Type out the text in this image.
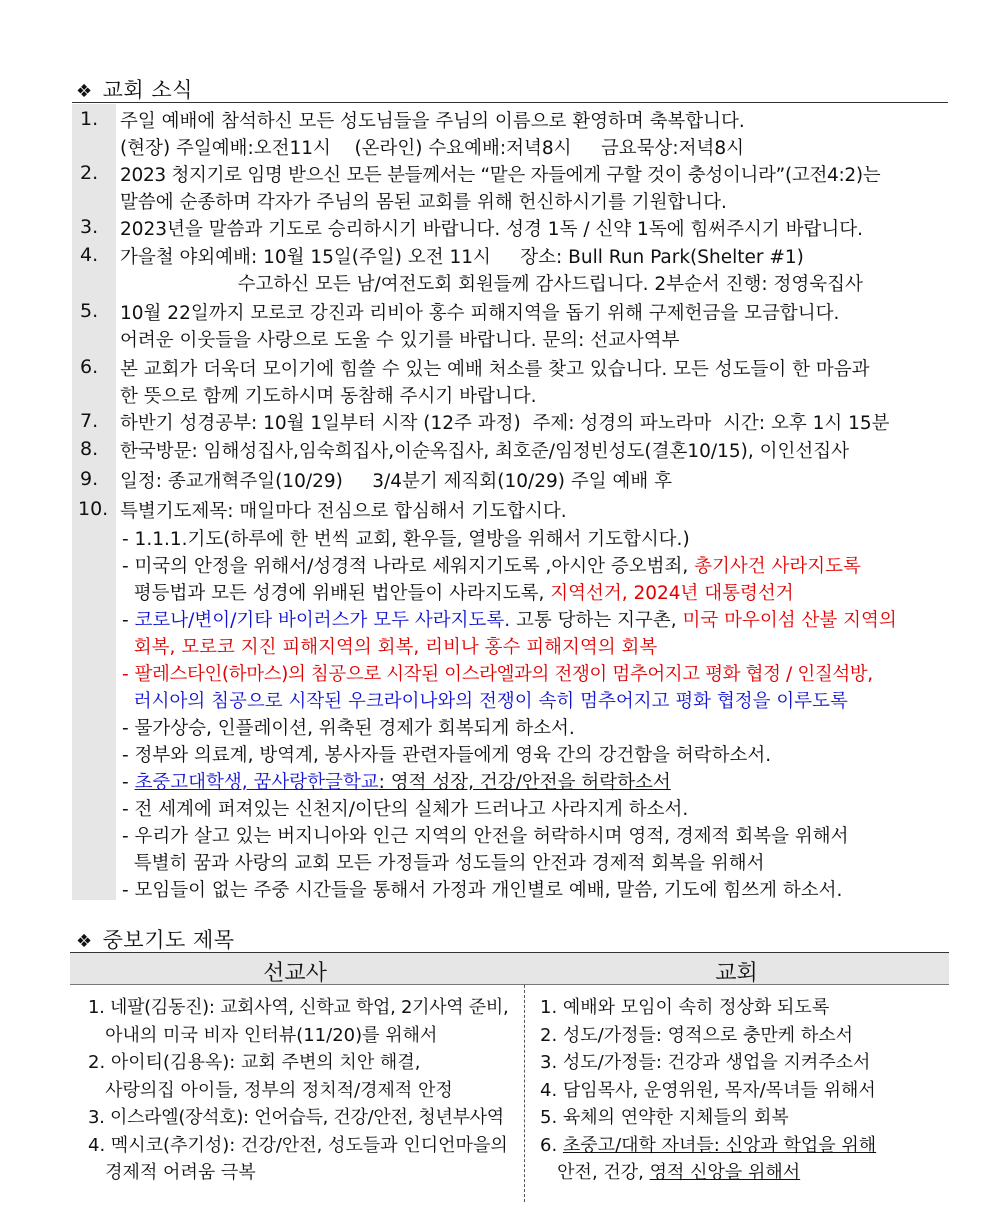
❖ 교회 소식
1.	주일 예배에 참석하신 모든 성도님들을 주님의 이름으로 환영하며 축복합니다.
(현장) 주일예배:오전11시    (온라인) 수요예배:저녁8시     금요묵상:저녁8시
2.	2023 청지기로 임명 받으신 모든 분들께서는 “맡은 자들에게 구할 것이 충성이니라”(고전4:2)는
말씀에 순종하며 각자가 주님의 몸된 교회를 위해 헌신하시기를 기원합니다.
3.	2023년을 말씀과 기도로 승리하시기 바랍니다. 성경 1독 / 신약 1독에 힘써주시기 바랍니다.
4.	가을철 야외예배: 10월 15일(주일) 오전 11시     장소: Bull Run Park(Shelter #1)
수고하신 모든 남/여전도회 회원들께 감사드립니다. 2부순서 진행: 정영욱집사
5.	10월 22일까지 모로코 강진과 리비아 홍수 피해지역을 돕기 위해 구제헌금을 모금합니다.
어려운 이웃들을 사랑으로 도울 수 있기를 바랍니다. 문의: 선교사역부
6.	본 교회가 더욱더 모이기에 힘쓸 수 있는 예배 처소를 찾고 있습니다. 모든 성도들이 한 마음과
한 뜻으로 함께 기도하시며 동참해 주시기 바랍니다.
7.	하반기 성경공부: 10월 1일부터 시작 (12주 과정)  주제: 성경의 파노라마  시간: 오후 1시 15분
8.	한국방문: 임해성집사,임숙희집사,이순옥집사, 최호준/임정빈성도(결혼10/15), 이인선집사
9.	일정: 종교개혁주일(10/29)     3/4분기 제직회(10/29) 주일 예배 후
10. 특별기도제목: 매일마다 전심으로 합심해서 기도합시다.
- 1.1.1.기도(하루에 한 번씩 교회, 환우들, 열방을 위해서 기도합시다.)
- 미국의 안정을 위해서/성경적 나라로 세워지기도록 ,아시안 증오범죄, 총기사건 사라지도록
평등법과 모든 성경에 위배된 법안들이 사라지도록, 지역선거, 2024년 대통령선거
- 코로나/변이/기타 바이러스가 모두 사라지도록. 고통 당하는 지구촌, 미국 마우이섬 산불 지역의
회복, 모로코 지진 피해지역의 회복, 리비나 홍수 피해지역의 회복
- 팔레스타인(하마스)의 침공으로 시작된 이스라엘과의 전쟁이 멈추어지고 평화 협정 / 인질석방,
러시아의 침공으로 시작된 우크라이나와의 전쟁이 속히 멈추어지고 평화 협정을 이루도록
- 물가상승, 인플레이션, 위축된 경제가 회복되게 하소서.
- 정부와 의료계, 방역계, 봉사자들 관련자들에게 영육 간의 강건함을 허락하소서.
- 초중고대학생, 꿈사랑한글학교: 영적 성장, 건강/안전을 허락하소서
- 전 세계에 퍼져있는 신천지/이단의 실체가 드러나고 사라지게 하소서.
- 우리가 살고 있는 버지니아와 인근 지역의 안전을 허락하시며 영적, 경제적 회복을 위해서
특별히 꿈과 사랑의 교회 모든 가정들과 성도들의 안전과 경제적 회복을 위해서
- 모임들이 없는 주중 시간들을 통해서 가정과 개인별로 예배, 말씀, 기도에 힘쓰게 하소서.
❖ 중보기도 제목
선교사	교회
1. 네팔(김동진): 교회사역, 신학교 학업, 2기사역 준비,
아내의 미국 비자 인터뷰(11/20)를 위해서
2. 아이티(김용옥): 교회 주변의 치안 해결,
사랑의집 아이들, 정부의 정치적/경제적 안정
3. 이스라엘(장석호): 언어습득, 건강/안전, 청년부사역
4. 멕시코(추기성): 건강/안전, 성도들과 인디언마을의
경제적 어려움 극복
1. 예배와 모임이 속히 정상화 되도록
2. 성도/가정들: 영적으로 충만케 하소서
3. 성도/가정들: 건강과 생업을 지켜주소서
4. 담임목사, 운영위원, 목자/목녀들 위해서
5. 육체의 연약한 지체들의 회복
6. 초중고/대학 자녀들: 신앙과 학업을 위해
안전, 건강, 영적 신앙을 위해서
